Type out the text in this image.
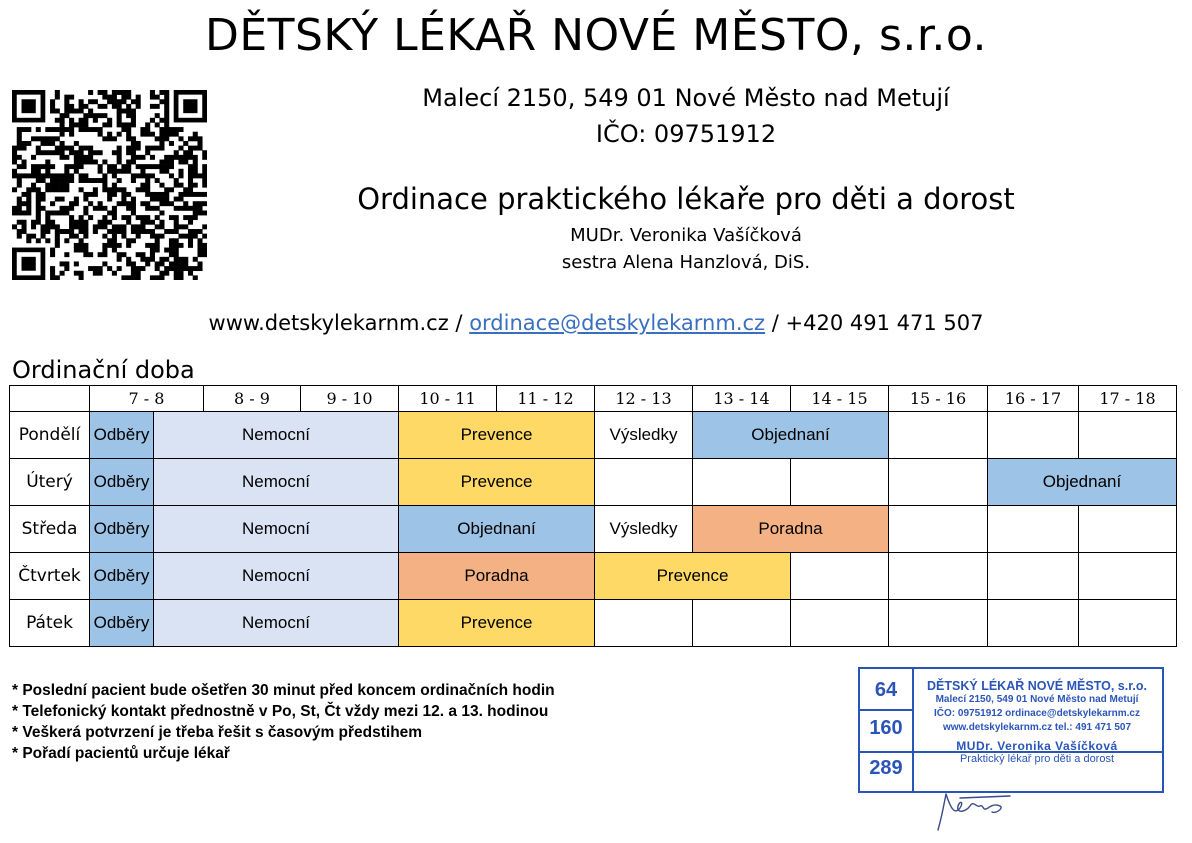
DĚTSKÝ LÉKAŘ NOVÉ MĚSTO, s.r.o.
Malecí 2150, 549 01 Nové Město nad Metují
IČO: 09751912
Ordinace praktického lékaře pro děti a dorost
MUDr. Veronika Vašíčková
sestra Alena Hanzlová, DiS.
www.detskylekarnm.cz / ordinace@detskylekarnm.cz / +420 491 471 507
Ordinační doba
	7 - 8		8 - 9	9 - 10	10 - 11	11 - 12	12 - 13	13 - 14	14 - 15	15 - 16	16 - 17	17 - 18
Pondělí	Odběry	Nemocní			Prevence		Výsledky	Objednaní				
Úterý	Odběry	Nemocní			Prevence						Objednaní	
Středa	Odběry	Nemocní			Objednaní		Výsledky	Poradna				
Čtvrtek	Odběry	Nemocní			Poradna		Prevence					
Pátek	Odběry	Nemocní			Prevence							
* Poslední pacient bude ošetřen 30 minut před koncem ordinačních hodin
* Telefonický kontakt přednostně v Po, St, Čt vždy mezi 12. a 13. hodinou
* Veškerá potvrzení je třeba řešit s časovým předstihem
* Pořadí pacientů určuje lékař
64
160
289
DĚTSKÝ LÉKAŘ NOVÉ MĚSTO, s.r.o.
Malecí 2150, 549 01 Nové Město nad Metují
IČO: 09751912 ordinace@detskylekarnm.cz
www.detskylekarnm.cz tel.: 491 471 507
MUDr. Veronika Vašíčková
Praktický lékař pro děti a dorost
